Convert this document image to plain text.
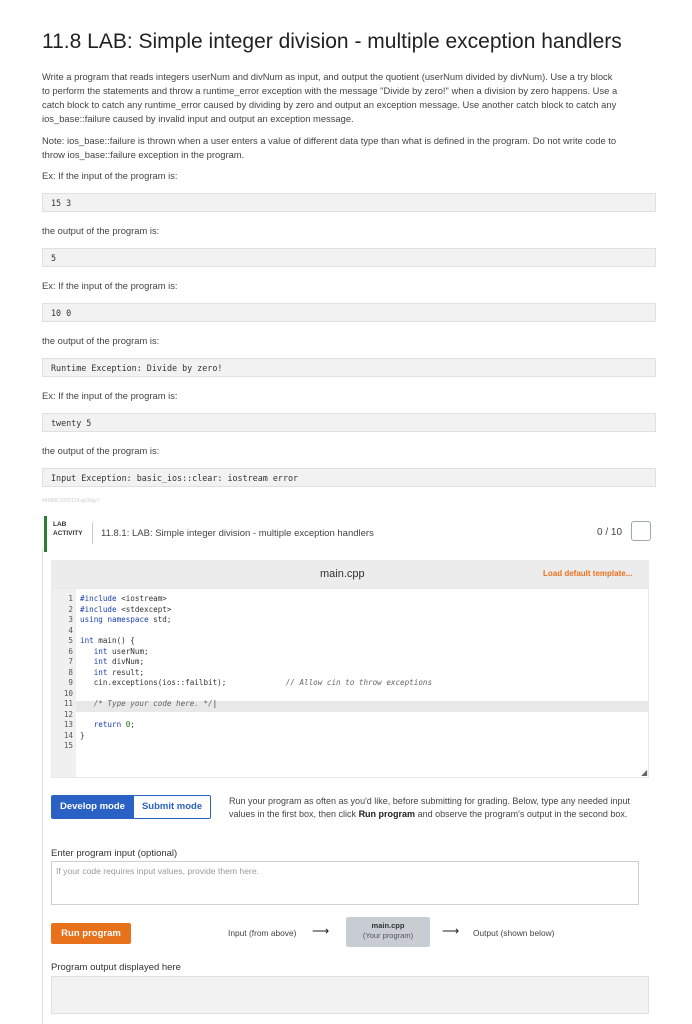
11.8 LAB: Simple integer division - multiple exception handlers
Write a program that reads integers userNum and divNum as input, and output the quotient (userNum divided by divNum). Use a try block
to perform the statements and throw a runtime_error exception with the message "Divide by zero!" when a division by zero happens. Use a
catch block to catch any runtime_error caused by dividing by zero and output an exception message. Use another catch block to catch any
ios_base::failure caused by invalid input and output an exception message.
Note: ios_base::failure is thrown when a user enters a value of different data type than what is defined in the program. Do not write code to
throw ios_base::failure exception in the program.
Ex: If the input of the program is:
15 3
the output of the program is:
5
Ex: If the input of the program is:
10 0
the output of the program is:
Runtime Exception: Divide by zero!
Ex: If the input of the program is:
twenty 5
the output of the program is:
Input Exception: basic_ios::clear: iostream error
445890.2370124.qx3zqy7
LAB
ACTIVITY 11.8.1: LAB: Simple integer division - multiple exception handlers	0 / 10
main.cpp	Load default template...
1
2
3
4
5
6
7
8
9
10
11
12
13
14
15
#include <iostream>
#include <stdexcept>
using namespace std;

int main() {
int userNum;
int divNum;
int result;
cin.exceptions(ios::failbit);             // Allow cin to throw exceptions

/* Type your code here. */|

return 0;
}

◢
Develop mode	Submit mode	Run your program as often as you'd like, before submitting for grading. Below, type any needed input values in the first box, then click Run program and observe the program's output in the second box.
Enter program input (optional)
If your code requires input values, provide them here.
Run program	Input (from above) ⟶	main.cpp
(Your program)	⟶ Output (shown below)
Program output displayed here
